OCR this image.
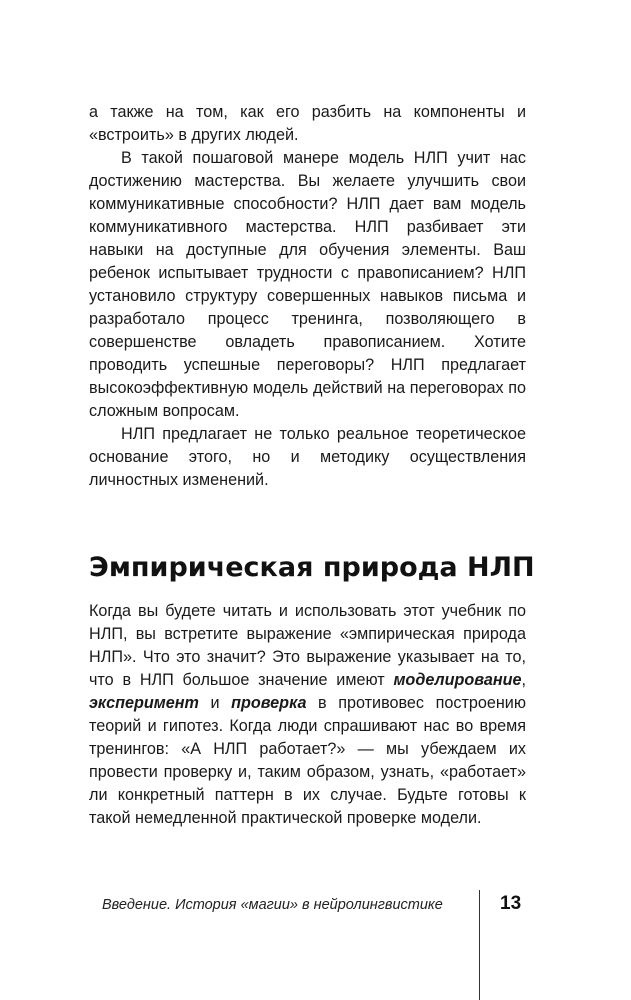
а также на том, как его разбить на компоненты и «встроить» в других людей.

В такой пошаговой манере модель НЛП учит нас достижению мастерства. Вы желаете улучшить свои коммуникативные способности? НЛП дает вам модель коммуникативного мастерства. НЛП разбивает эти навыки на доступные для обучения элементы. Ваш ребенок испытывает трудности с правописанием? НЛП установило структуру совершенных навыков письма и разработало процесс тренинга, позволяющего в совершенстве овладеть правописанием. Хотите проводить успешные переговоры? НЛП предлагает высокоэффективную модель действий на переговорах по сложным вопросам.

НЛП предлагает не только реальное теоретическое основание этого, но и методику осуществления личностных изменений.

Эмпирическая природа НЛП

Когда вы будете читать и использовать этот учебник по НЛП, вы встретите выражение «эмпирическая природа НЛП». Что это значит? Это выражение указывает на то, что в НЛП большое значение имеют моделирование, эксперимент и проверка в противовес построению теорий и гипотез. Когда люди спрашивают нас во время тренингов: «А НЛП работает?» — мы убеждаем их провести проверку и, таким образом, узнать, «работает» ли конкретный паттерн в их случае. Будьте готовы к такой немедленной практической проверке модели.

Введение. История «магии» в нейролингвистике	13
